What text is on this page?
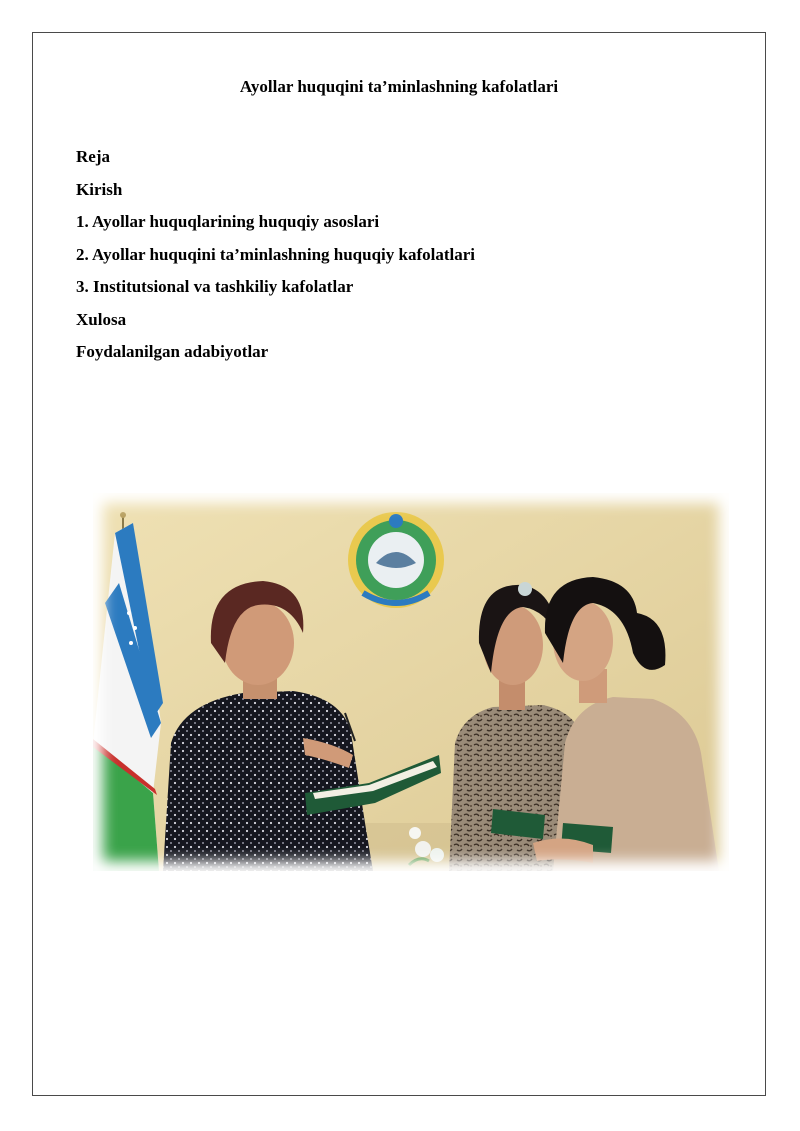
Ayollar huquqini ta’minlashning kafolatlari
Reja
Kirish
1. Ayollar huquqlarining huquqiy asoslari
2. Ayollar huquqini ta’minlashning huquqiy kafolatlari
3. Institutsional va tashkiliy kafolatlar
Xulosa
Foydalanilgan adabiyotlar
